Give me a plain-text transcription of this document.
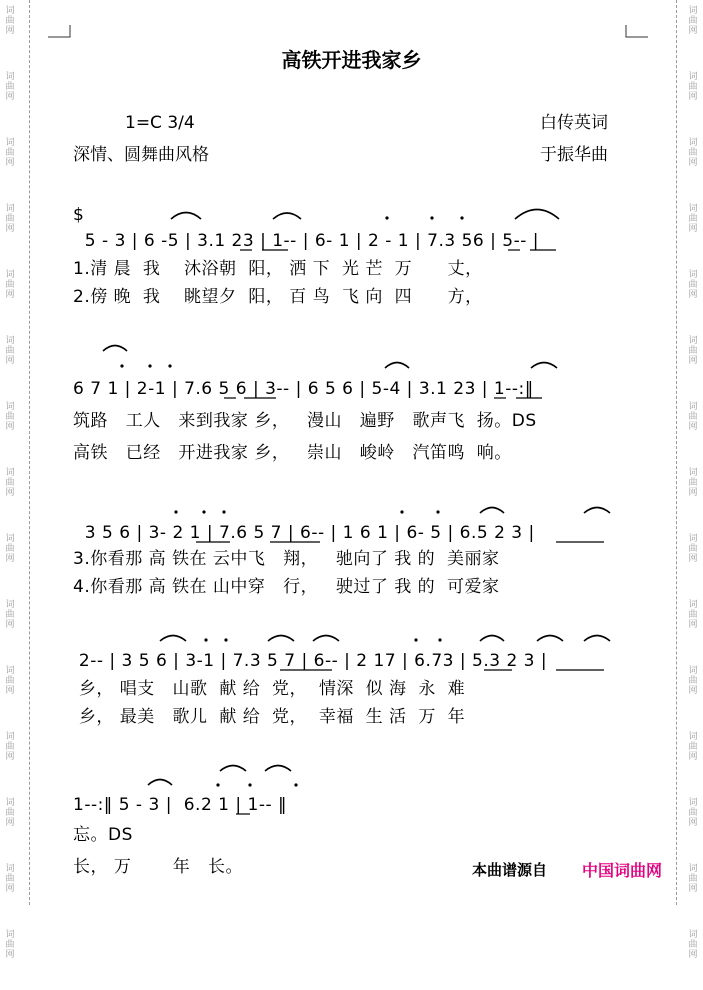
词
曲
网
词
曲
网
词
曲
网
词
曲
网
词
曲
网
词
曲
网
词
曲
网
词
曲
网
词
曲
网
词
曲
网
词
曲
网
词
曲
网
词
曲
网
词
曲
网
词
曲
网
词
曲
网
词
曲
网
词
曲
网
词
曲
网
词
曲
网
词
曲
网
词
曲
网
词
曲
网
词
曲
网
词
曲
网
词
曲
网
词
曲
网
词
曲
网
词
曲
网
词
曲
网
高铁开进我家乡
1=C 3/4	白传英词
深情、圆舞曲风格	于振华曲
$
5 - 3 | 6 -5 | 3.1 23 | 1-- | 6- 1 | 2 - 1 | 7.3 56 | 5-- |
1.清 晨  我    沐浴朝  阳， 洒 下  光 芒  万      丈，
2.傍 晚  我    眺望夕  阳， 百 鸟  飞 向  四      方，
6 7 1 | 2-1 | 7.6 5 6 | 3-- | 6 5 6 | 5-4 | 3.1 23 | 1--:‖
筑路   工人   来到我家 乡，   漫山   遍野   歌声飞  扬。DS
高铁   已经   开进我家 乡，   崇山   峻岭   汽笛鸣  响。
3 5 6 | 3- 2 1 | 7.6 5 7 | 6-- | 1 6 1 | 6- 5 | 6.5 2 3 |
3.你看那 高 铁在 云中飞   翔，   驰向了 我 的  美丽家
4.你看那 高 铁在 山中穿   行，   驶过了 我 的  可爱家
2-- | 3 5 6 | 3-1 | 7.3 5 7 | 6-- | 2 17 | 6.73 | 5.3 2 3 |
乡， 唱支   山歌  献 给  党，  情深  似 海  永  难
乡， 最美   歌儿  献 给  党，  幸福  生 活  万  年
1--:‖ 5 - 3 |  6.2 1 | 1-- ‖
忘。DS
长， 万       年   长。	本曲谱源自 中国词曲网
